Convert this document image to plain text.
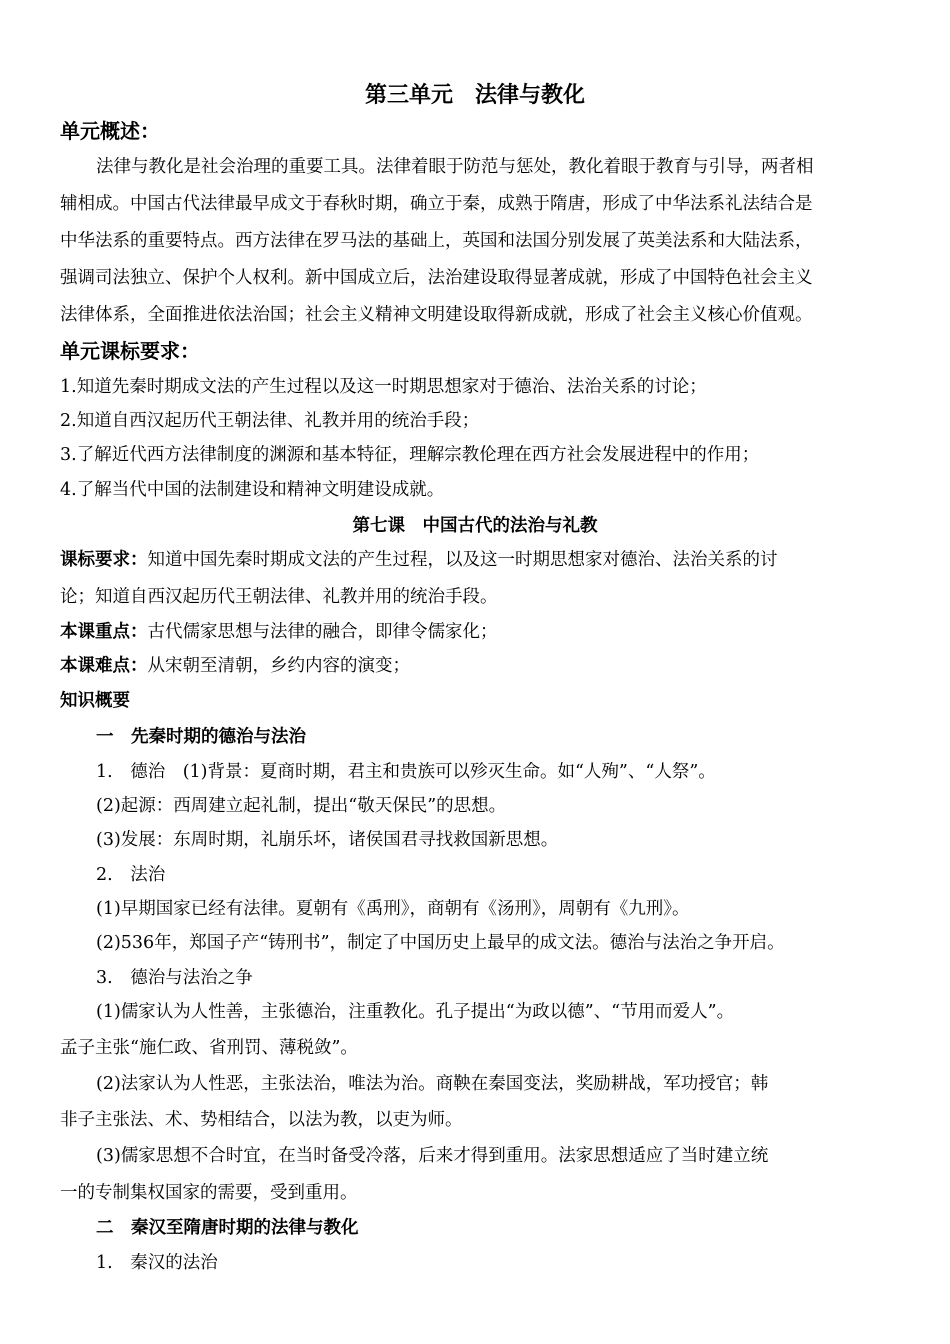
第三单元　法律与教化
单元概述：
法律与教化是社会治理的重要工具。法律着眼于防范与惩处，教化着眼于教育与引导，两者相
辅相成。中国古代法律最早成文于春秋时期，确立于秦，成熟于隋唐，形成了中华法系礼法结合是
中华法系的重要特点。西方法律在罗马法的基础上，英国和法国分别发展了英美法系和大陆法系，
强调司法独立、保护个人权利。新中国成立后，法治建设取得显著成就，形成了中国特色社会主义
法律体系，全面推进依法治国；社会主义精神文明建设取得新成就，形成了社会主义核心价值观。
单元课标要求：
1.知道先秦时期成文法的产生过程以及这一时期思想家对于德治、法治关系的讨论；
2.知道自西汉起历代王朝法律、礼教并用的统治手段；
3.了解近代西方法律制度的渊源和基本特征，理解宗教伦理在西方社会发展进程中的作用；
4.了解当代中国的法制建设和精神文明建设成就。
第七课　中国古代的法治与礼教
课标要求：知道中国先秦时期成文法的产生过程，以及这一时期思想家对德治、法治关系的讨
论；知道自西汉起历代王朝法律、礼教并用的统治手段。
本课重点：古代儒家思想与法律的融合，即律令儒家化；
本课难点：从宋朝至清朝，乡约内容的演变；
知识概要
一　先秦时期的德治与法治
1.　德治　(1)背景：夏商时期，君主和贵族可以殄灭生命。如“人殉”、“人祭”。
(2)起源：西周建立起礼制，提出“敬天保民”的思想。
(3)发展：东周时期，礼崩乐坏，诸侯国君寻找救国新思想。
2.　法治
(1)早期国家已经有法律。夏朝有《禹刑》，商朝有《汤刑》，周朝有《九刑》。
(2)536年，郑国子产“铸刑书”，制定了中国历史上最早的成文法。德治与法治之争开启。
3.　德治与法治之争
(1)儒家认为人性善，主张德治，注重教化。孔子提出“为政以德”、“节用而爱人”。
孟子主张“施仁政、省刑罚、薄税敛”。
(2)法家认为人性恶，主张法治，唯法为治。商鞅在秦国变法，奖励耕战，军功授官；韩
非子主张法、术、势相结合，以法为教，以吏为师。
(3)儒家思想不合时宜，在当时备受冷落，后来才得到重用。法家思想适应了当时建立统
一的专制集权国家的需要，受到重用。
二　秦汉至隋唐时期的法律与教化
1.　秦汉的法治
